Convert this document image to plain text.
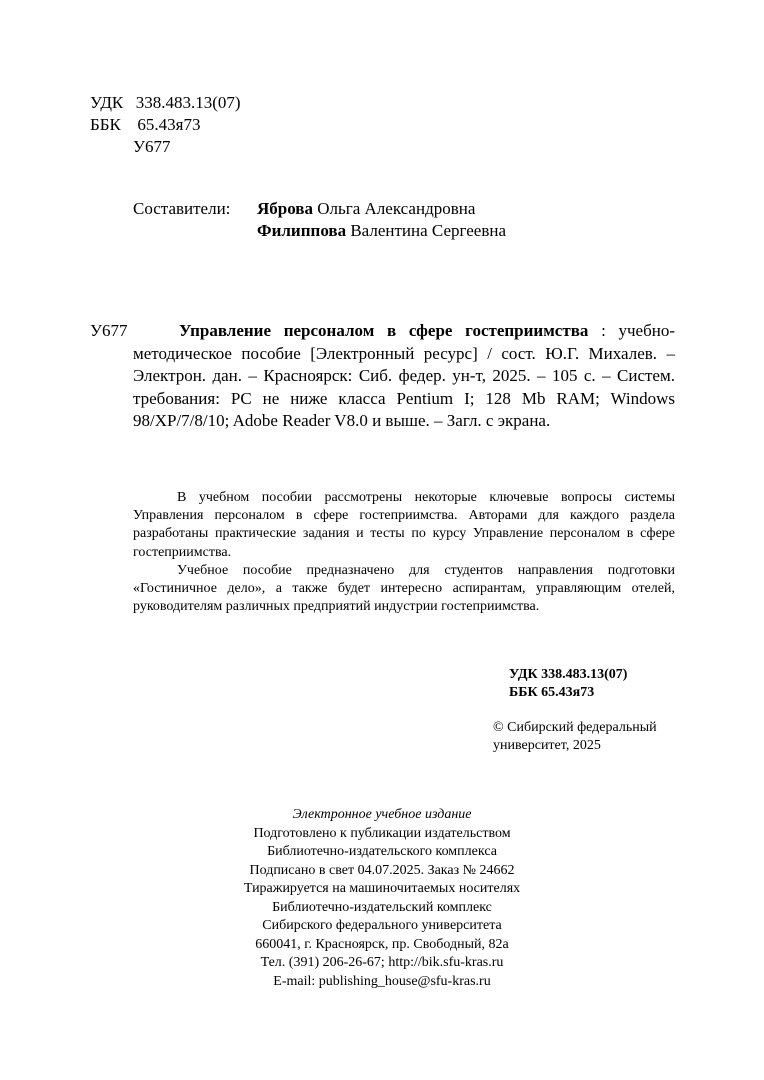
УДК 338.483.13(07)
ББК 65.43я73
У677
Составители: Яброва Ольга Александровна
Филиппова Валентина Сергеевна
У677	Управление персоналом в сфере гостеприимства : учебно-методическое пособие [Электронный ресурс] / сост. Ю.Г. Михалев. – Электрон. дан. – Красноярск: Сиб. федер. ун-т, 2025. – 105 с. – Систем. требования: PC не ниже класса Pentium I; 128 Mb RAM; Windows 98/XP/7/8/10; Adobe Reader V8.0 и выше. – Загл. с экрана.

В учебном пособии рассмотрены некоторые ключевые вопросы системы Управления персоналом в сфере гостеприимства. Авторами для каждого раздела разработаны практические задания и тесты по курсу Управление персоналом в сфере гостеприимства.

Учебное пособие предназначено для студентов направления подготовки «Гостиничное дело», а также будет интересно аспирантам, управляющим отелей, руководителям различных предприятий индустрии гостеприимства.

УДК 338.483.13(07)
ББК 65.43я73
© Сибирский федеральный
университет, 2025
Электронное учебное издание
Подготовлено к публикации издательством
Библиотечно-издательского комплекса
Подписано в свет 04.07.2025. Заказ № 24662
Тиражируется на машиночитаемых носителях
Библиотечно-издательский комплекс
Сибирского федерального университета
660041, г. Красноярск, пр. Свободный, 82а
Тел. (391) 206-26-67; http://bik.sfu-kras.ru
E-mail: publishing_house@sfu-kras.ru
